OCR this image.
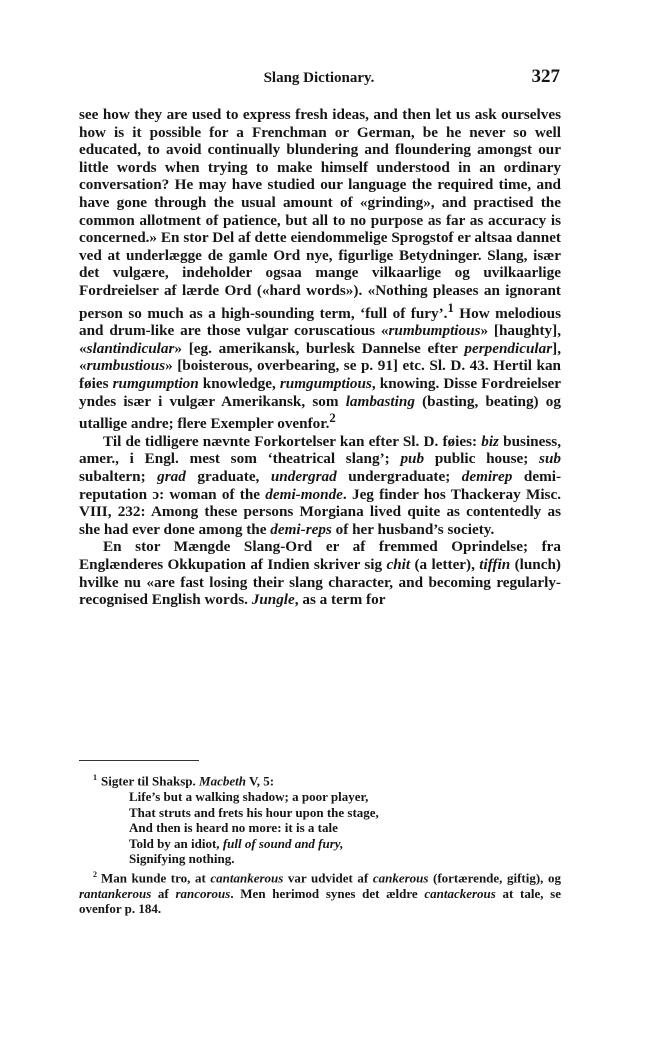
Slang Dictionary.	327

see how they are used to express fresh ideas, and then let us ask ourselves how is it possible for a Frenchman or German, be he never so well educated, to avoid continually blundering and floundering amongst our little words when trying to make himself understood in an ordinary conversation? He may have studied our language the required time, and have gone through the usual amount of «grinding», and practised the common allotment of patience, but all to no purpose as far as accuracy is concerned.» En stor Del af dette eiendommelige Sprogstof er altsaa dannet ved at underlægge de gamle Ord nye, figurlige Betydninger. Slang, især det vulgære, indeholder ogsaa mange vilkaarlige og uvilkaarlige Fordreielser af lærde Ord («hard words»). «Nothing pleases an ignorant person so much as a high-sounding term, ‘full of fury’.$^1$ How melodious and drum-like are those vulgar coruscatious «rumbumptious» [haughty], «slantindicular» [eg. amerikansk, burlesk Dannelse efter perpendicular], «rumbustious» [boisterous, overbearing, se p. 91] etc. Sl. D. 43. Hertil kan føies rumgumption knowledge, rumgumptious, knowing. Disse Fordreielser yndes især i vulgær Amerikansk, som lambasting (basting, beating) og utallige andre; flere Exempler ovenfor.$^2$

Til de tidligere nævnte Forkortelser kan efter Sl. D. føies: biz business, amer., i Engl. mest som ‘theatrical slang’; pub public house; sub subaltern; grad graduate, undergrad undergraduate; demirep demi-reputation ɔ: woman of the demi-monde. Jeg finder hos Thackeray Misc. VIII, 232: Among these persons Morgiana lived quite as contentedly as she had ever done among the demi-reps of her husband’s society.

En stor Mængde Slang-Ord er af fremmed Oprindelse; fra Englænderes Okkupation af Indien skriver sig chit (a letter), tiffin (lunch) hvilke nu «are fast losing their slang character, and becoming regularly-recognised English words. Jungle, as a term for

$^1$ Sigter til Shaksp. Macbeth V, 5:

Life’s but a walking shadow; a poor player,
That struts and frets his hour upon the stage,
And then is heard no more: it is a tale
Told by an idiot, full of sound and fury,
Signifying nothing.

$^2$ Man kunde tro, at cantankerous var udvidet af cankerous (fortærende, giftig), og rantankerous af rancorous. Men herimod synes det ældre cantackerous at tale, se ovenfor p. 184.
